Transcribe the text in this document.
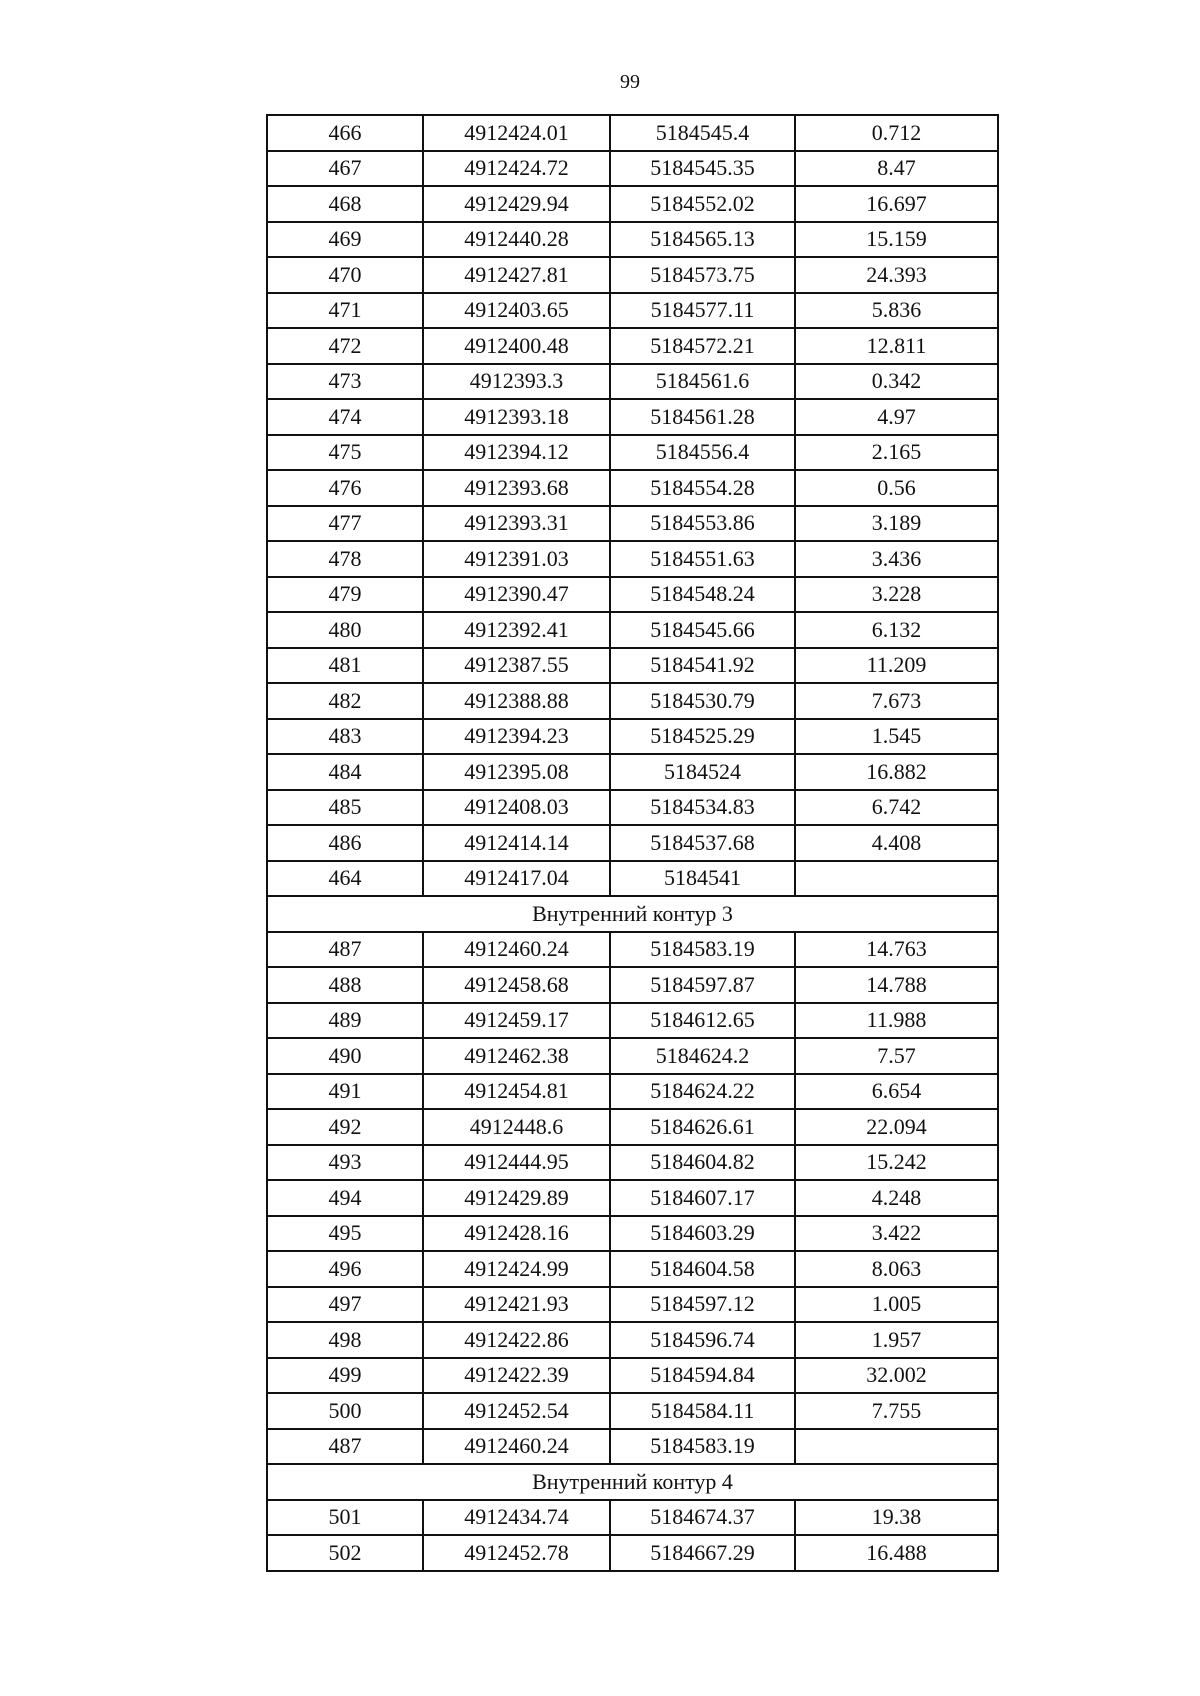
99
466	4912424.01	5184545.4	0.712
467	4912424.72	5184545.35	8.47
468	4912429.94	5184552.02	16.697
469	4912440.28	5184565.13	15.159
470	4912427.81	5184573.75	24.393
471	4912403.65	5184577.11	5.836
472	4912400.48	5184572.21	12.811
473	4912393.3	5184561.6	0.342
474	4912393.18	5184561.28	4.97
475	4912394.12	5184556.4	2.165
476	4912393.68	5184554.28	0.56
477	4912393.31	5184553.86	3.189
478	4912391.03	5184551.63	3.436
479	4912390.47	5184548.24	3.228
480	4912392.41	5184545.66	6.132
481	4912387.55	5184541.92	11.209
482	4912388.88	5184530.79	7.673
483	4912394.23	5184525.29	1.545
484	4912395.08	5184524	16.882
485	4912408.03	5184534.83	6.742
486	4912414.14	5184537.68	4.408
464	4912417.04	5184541	
Внутренний контур 3			
487	4912460.24	5184583.19	14.763
488	4912458.68	5184597.87	14.788
489	4912459.17	5184612.65	11.988
490	4912462.38	5184624.2	7.57
491	4912454.81	5184624.22	6.654
492	4912448.6	5184626.61	22.094
493	4912444.95	5184604.82	15.242
494	4912429.89	5184607.17	4.248
495	4912428.16	5184603.29	3.422
496	4912424.99	5184604.58	8.063
497	4912421.93	5184597.12	1.005
498	4912422.86	5184596.74	1.957
499	4912422.39	5184594.84	32.002
500	4912452.54	5184584.11	7.755
487	4912460.24	5184583.19	
Внутренний контур 4			
501	4912434.74	5184674.37	19.38
502	4912452.78	5184667.29	16.488
